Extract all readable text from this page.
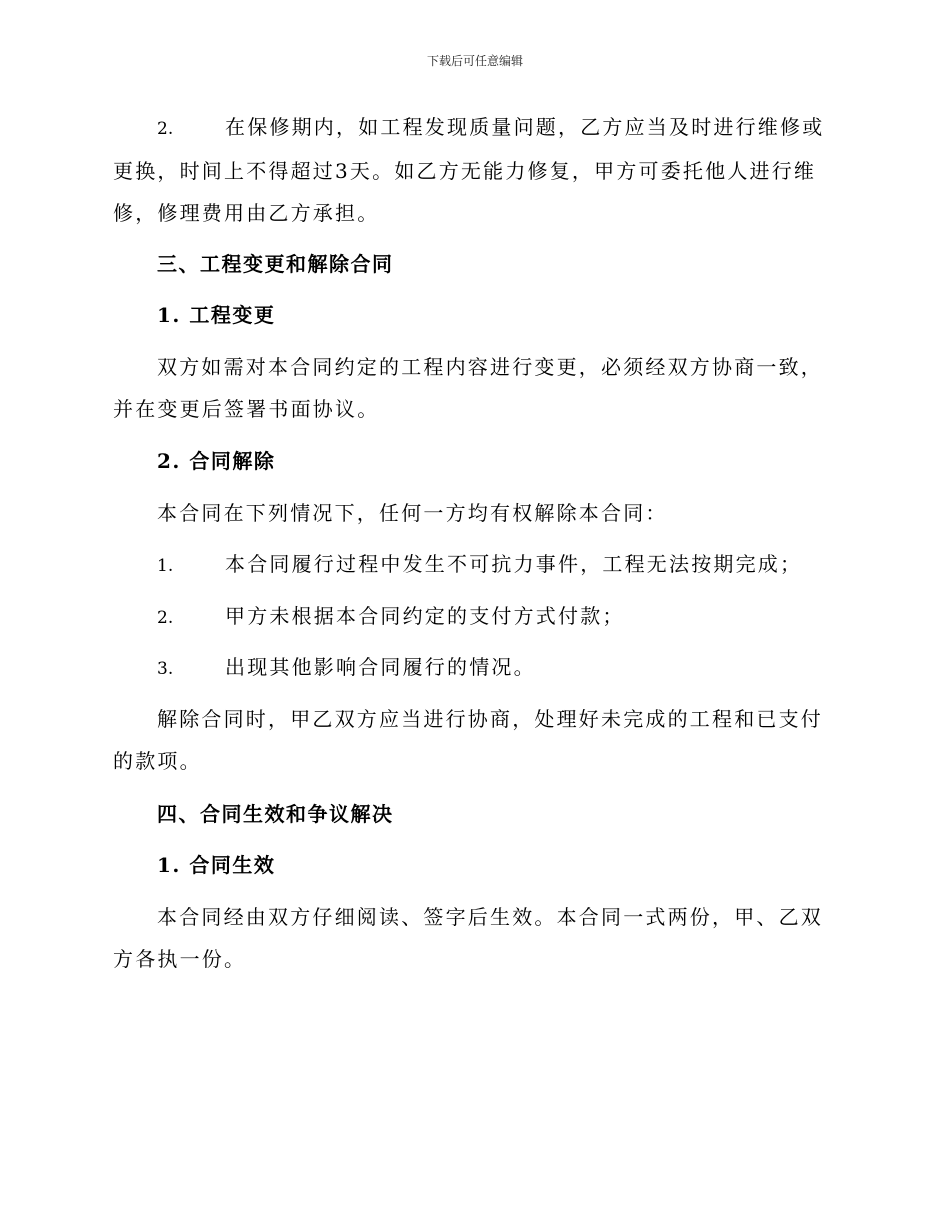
下载后可任意编辑
2.	在保修期内，如工程发现质量问题，乙方应当及时进行维修或更换，时间上不得超过3天。如乙方无能力修复，甲方可委托他人进行维修，修理费用由乙方承担。
三、工程变更和解除合同
1. 工程变更
双方如需对本合同约定的工程内容进行变更，必须经双方协商一致，并在变更后签署书面协议。
2. 合同解除
本合同在下列情况下，任何一方均有权解除本合同：
1.	本合同履行过程中发生不可抗力事件，工程无法按期完成；
2.	甲方未根据本合同约定的支付方式付款；
3.	出现其他影响合同履行的情况。
解除合同时，甲乙双方应当进行协商，处理好未完成的工程和已支付的款项。
四、合同生效和争议解决
1. 合同生效
本合同经由双方仔细阅读、签字后生效。本合同一式两份，甲、乙双方各执一份。
